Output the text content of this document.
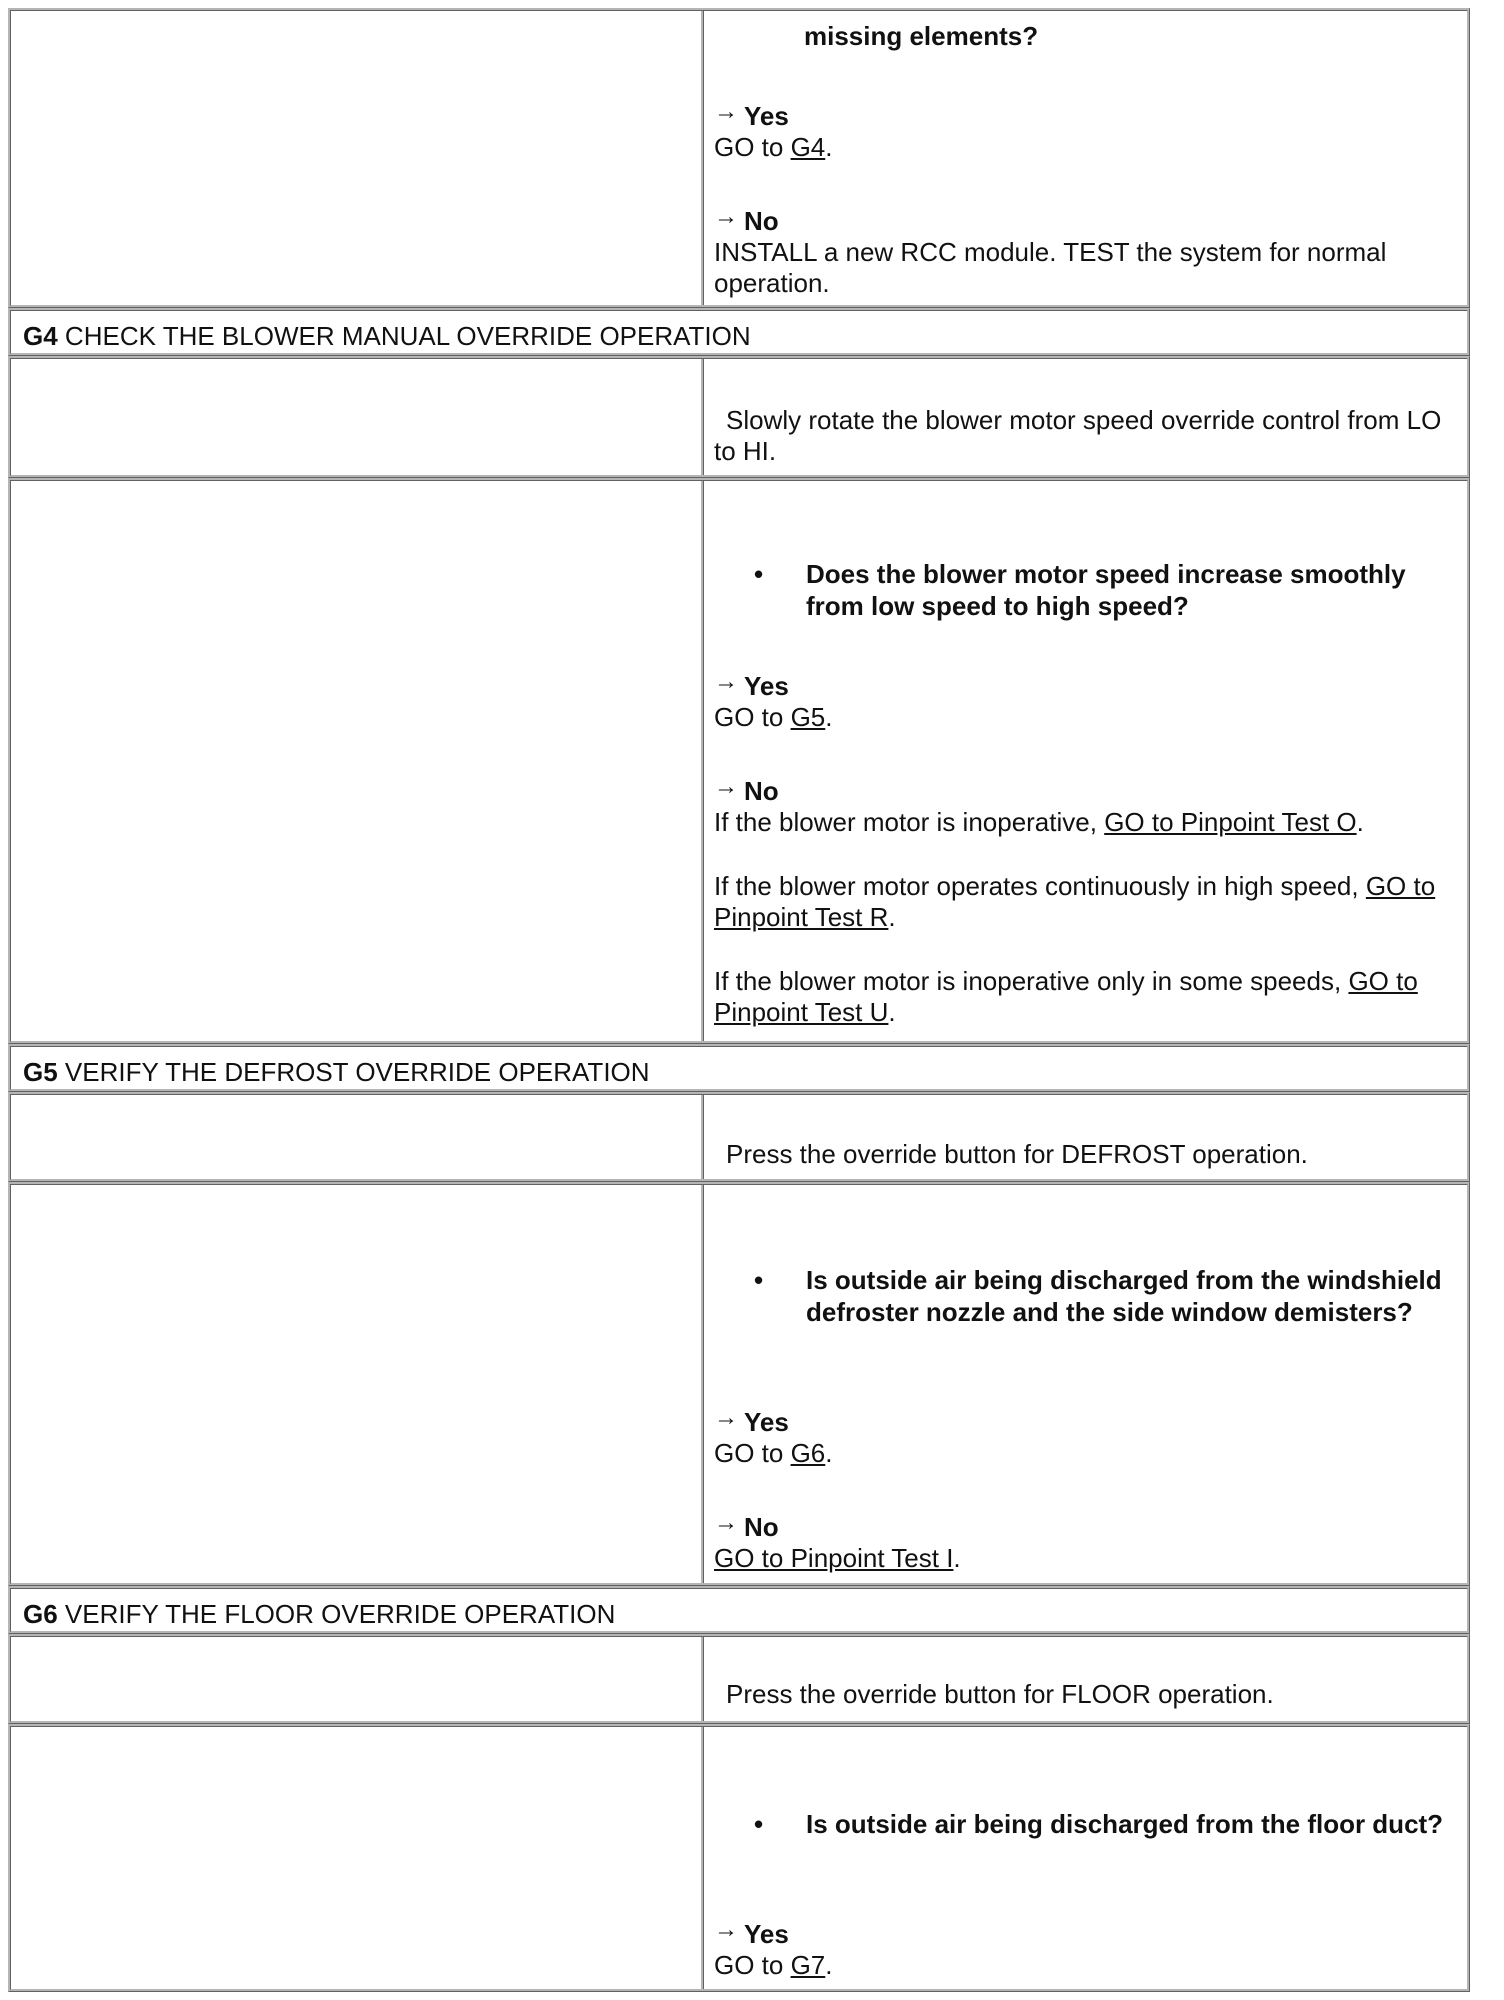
missing elements?
→ Yes
GO to G4.
→ No
INSTALL a new RCC module. TEST the system for normal operation.
G4 CHECK THE BLOWER MANUAL OVERRIDE OPERATION
Slowly rotate the blower motor speed override control from LO to HI.
• Does the blower motor speed increase smoothly from low speed to high speed?
→ Yes
GO to G5.
→ No
If the blower motor is inoperative, GO to Pinpoint Test O.
If the blower motor operates continuously in high speed, GO to Pinpoint Test R.
If the blower motor is inoperative only in some speeds, GO to Pinpoint Test U.
G5 VERIFY THE DEFROST OVERRIDE OPERATION
Press the override button for DEFROST operation.
• Is outside air being discharged from the windshield defroster nozzle and the side window demisters?
→ Yes
GO to G6.
→ No
GO to Pinpoint Test I.
G6 VERIFY THE FLOOR OVERRIDE OPERATION
Press the override button for FLOOR operation.
• Is outside air being discharged from the floor duct?
→ Yes
GO to G7.
